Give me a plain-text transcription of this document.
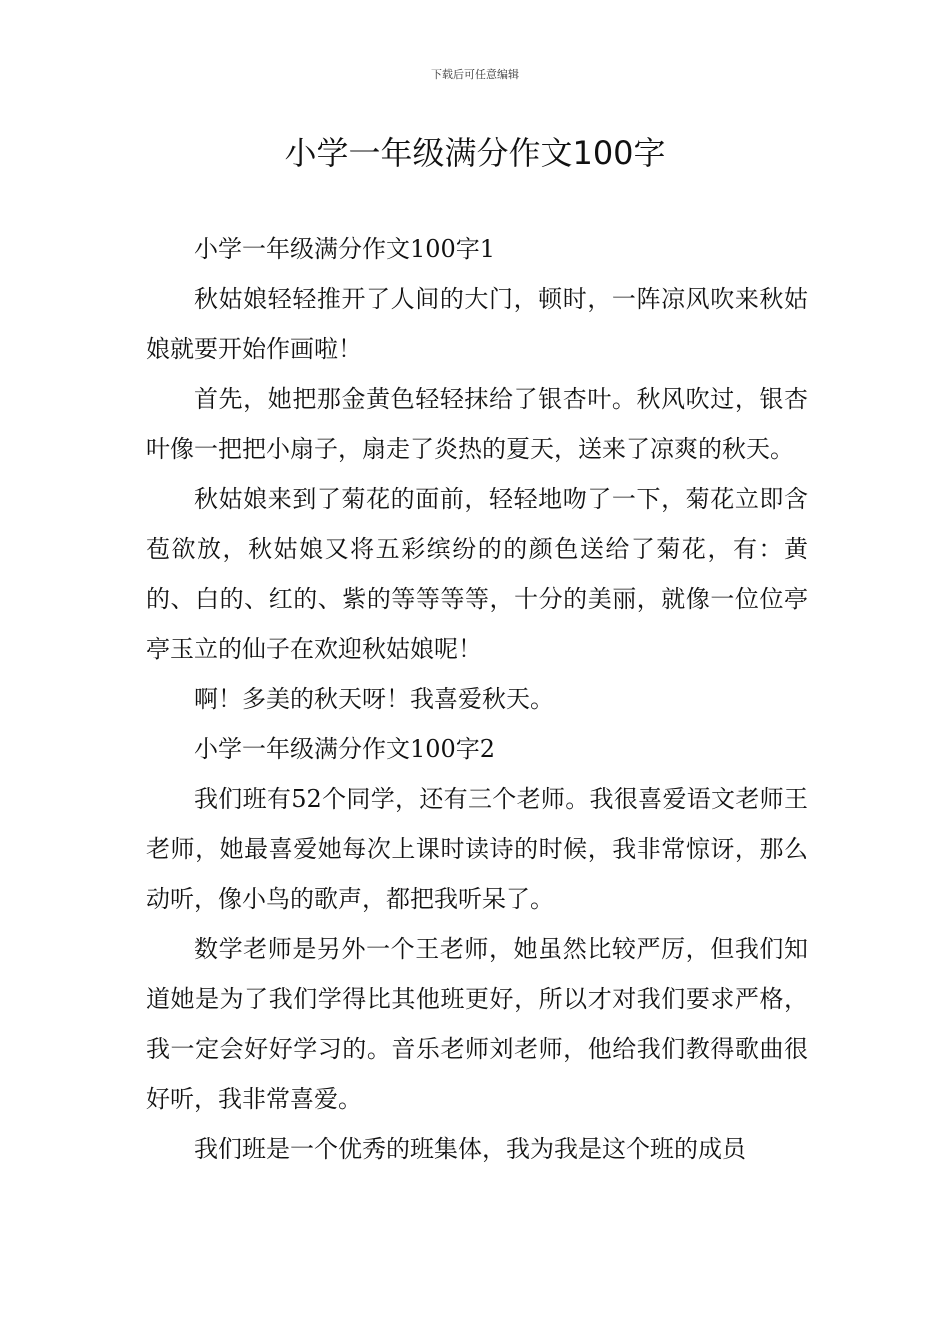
下载后可任意编辑
小学一年级满分作文100字

小学一年级满分作文100字1

秋姑娘轻轻推开了人间的大门，顿时，一阵凉风吹来秋姑娘就要开始作画啦！

首先，她把那金黄色轻轻抹给了银杏叶。秋风吹过，银杏叶像一把把小扇子，扇走了炎热的夏天，送来了凉爽的秋天。

秋姑娘来到了菊花的面前，轻轻地吻了一下，菊花立即含苞欲放，秋姑娘又将五彩缤纷的的颜色送给了菊花，有：黄的、白的、红的、紫的等等等等，十分的美丽，就像一位位亭亭玉立的仙子在欢迎秋姑娘呢！

啊！多美的秋天呀！我喜爱秋天。

小学一年级满分作文100字2

我们班有52个同学，还有三个老师。我很喜爱语文老师王老师，她最喜爱她每次上课时读诗的时候，我非常惊讶，那么动听，像小鸟的歌声，都把我听呆了。

数学老师是另外一个王老师，她虽然比较严厉，但我们知道她是为了我们学得比其他班更好，所以才对我们要求严格，我一定会好好学习的。音乐老师刘老师，他给我们教得歌曲很好听，我非常喜爱。

我们班是一个优秀的班集体，我为我是这个班的成员
